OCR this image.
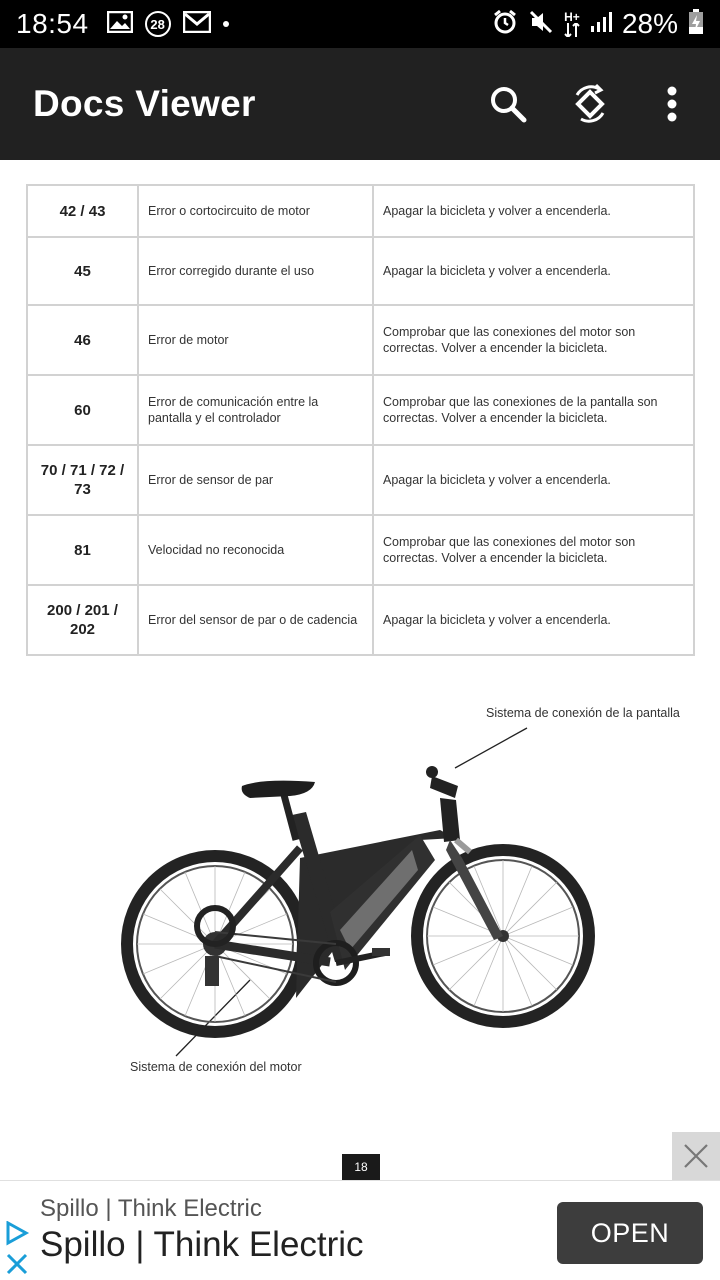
18:54	28	H+ 28%
Docs Viewer
42 / 43	Error o cortocircuito de motor	Apagar la bicicleta y volver a encenderla.
45	Error corregido durante el uso	Apagar la bicicleta y volver a encenderla.
46	Error de motor	Comprobar que las conexiones del motor son correctas. Volver a encender la bicicleta.
60	Error de comunicación entre la pantalla y el controlador	Comprobar que las conexiones de la pantalla son correctas. Volver a encender la bicicleta.
70 / 71 / 72 / 73	Error de sensor de par	Apagar la bicicleta y volver a encenderla.
81	Velocidad no reconocida	Comprobar que las conexiones del motor son correctas. Volver a encender la bicicleta.
200 / 201 / 202	Error del sensor de par o de cadencia	Apagar la bicicleta y volver a encenderla.
Sistema de conexión de la pantalla
Sistema de conexión del motor
18
Spillo | Think Electric
Spillo | Think Electric	OPEN
